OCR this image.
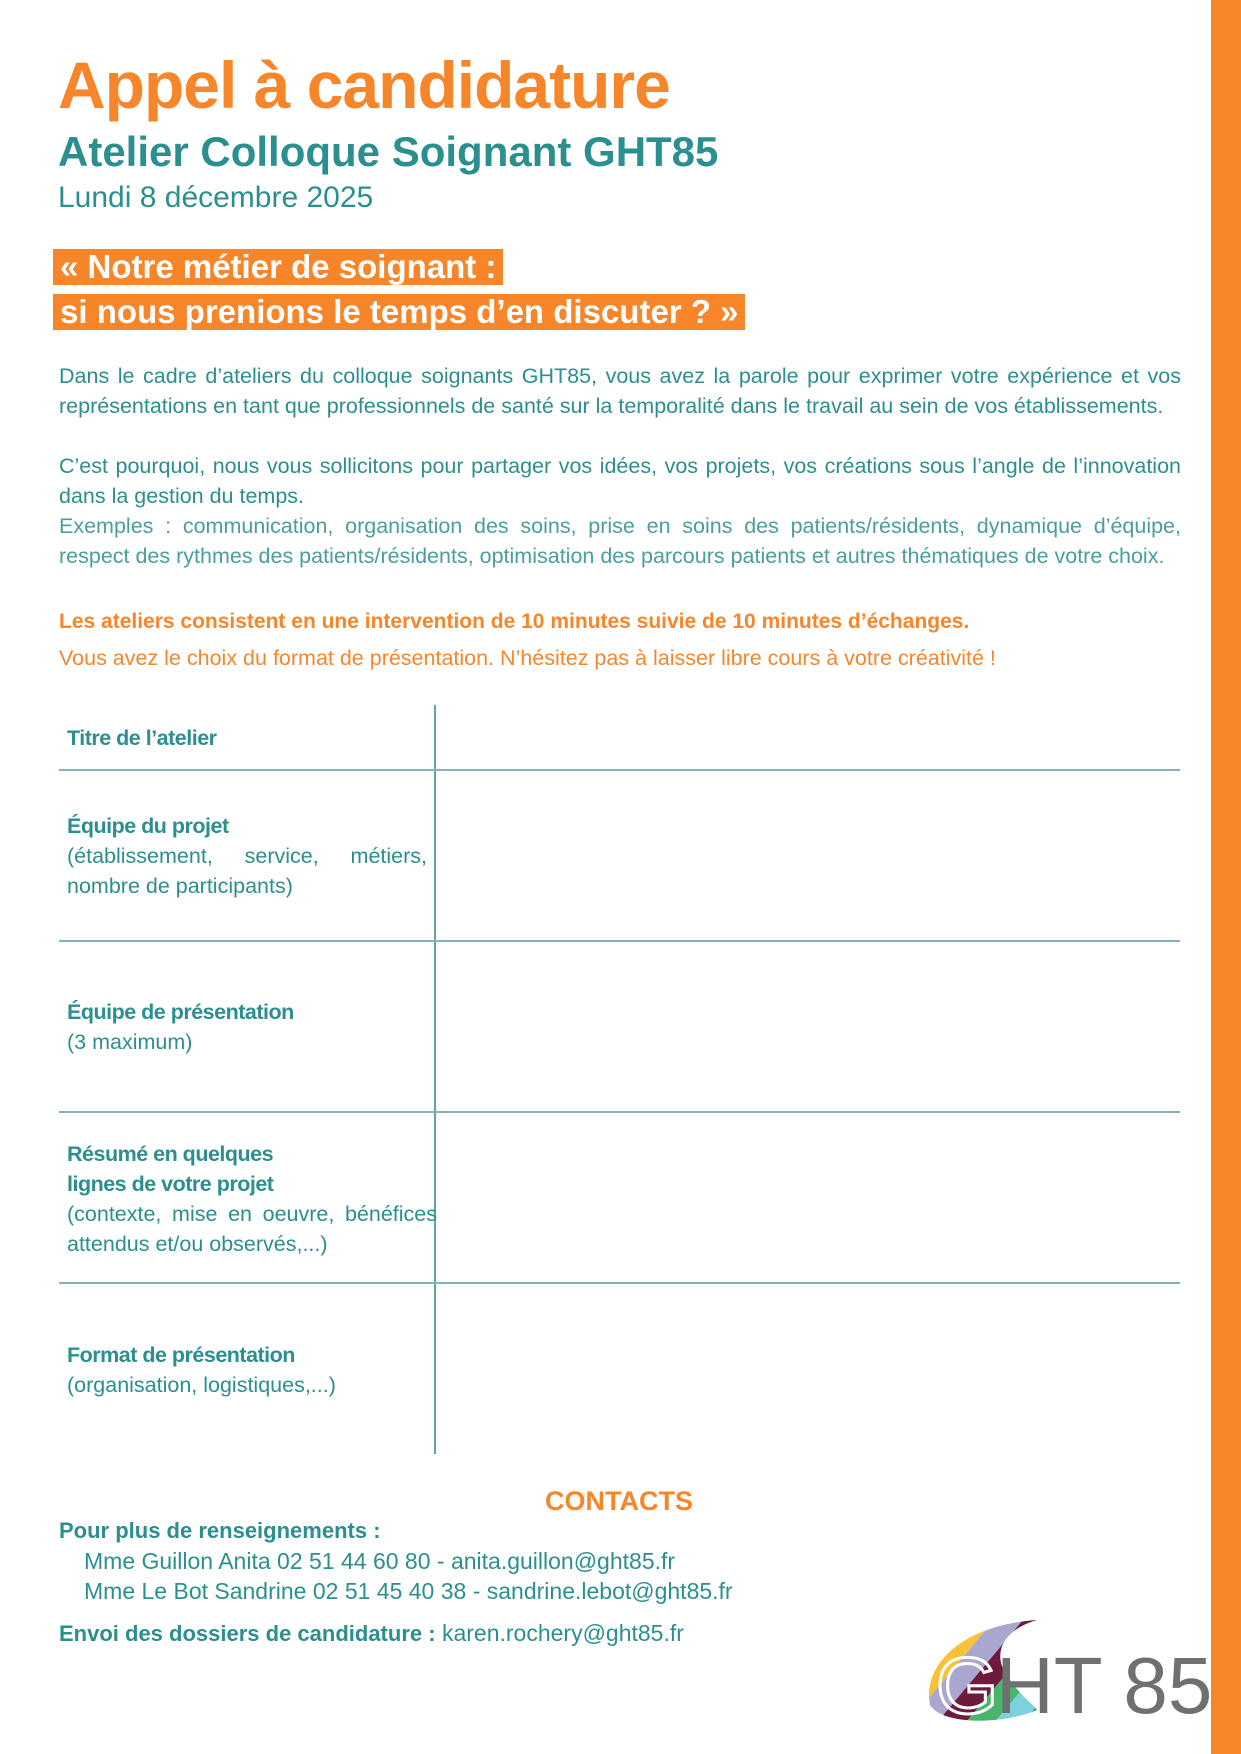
Appel à candidature
Atelier Colloque Soignant GHT85
Lundi 8 décembre 2025
« Notre métier de soignant :
si nous prenions le temps d’en discuter ? »
Dans le cadre d’ateliers du colloque soignants GHT85, vous avez la parole pour exprimer votre expérience et vos représentations en tant que professionnels de santé sur la temporalité dans le travail au sein de vos établissements.
C’est pourquoi, nous vous sollicitons pour partager vos idées, vos projets, vos créations sous l’angle de l’innovation dans la gestion du temps.
Exemples : communication, organisation des soins, prise en soins des patients/résidents, dynamique d’équipe, respect des rythmes des patients/résidents, optimisation des parcours patients et autres thématiques de votre choix.
Les ateliers consistent en une intervention de 10 minutes suivie de 10 minutes d’échanges.
Vous avez le choix du format de présentation. N’hésitez pas à laisser libre cours à votre créativité !
Titre de l’atelier
Équipe du projet
(établissement, service, métiers, nombre de participants)
Équipe de présentation
(3 maximum)
Résumé en quelques lignes de votre projet
(contexte, mise en oeuvre, bénéfices attendus et/ou observés,...)
Format de présentation
(organisation, logistiques,...)
CONTACTS
Pour plus de renseignements :
Mme Guillon Anita 02 51 44 60 80 - anita.guillon@ght85.fr
Mme Le Bot Sandrine 02 51 45 40 38 - sandrine.lebot@ght85.fr
Envoi des dossiers de candidature : karen.rochery@ght85.fr
G
HT 85
